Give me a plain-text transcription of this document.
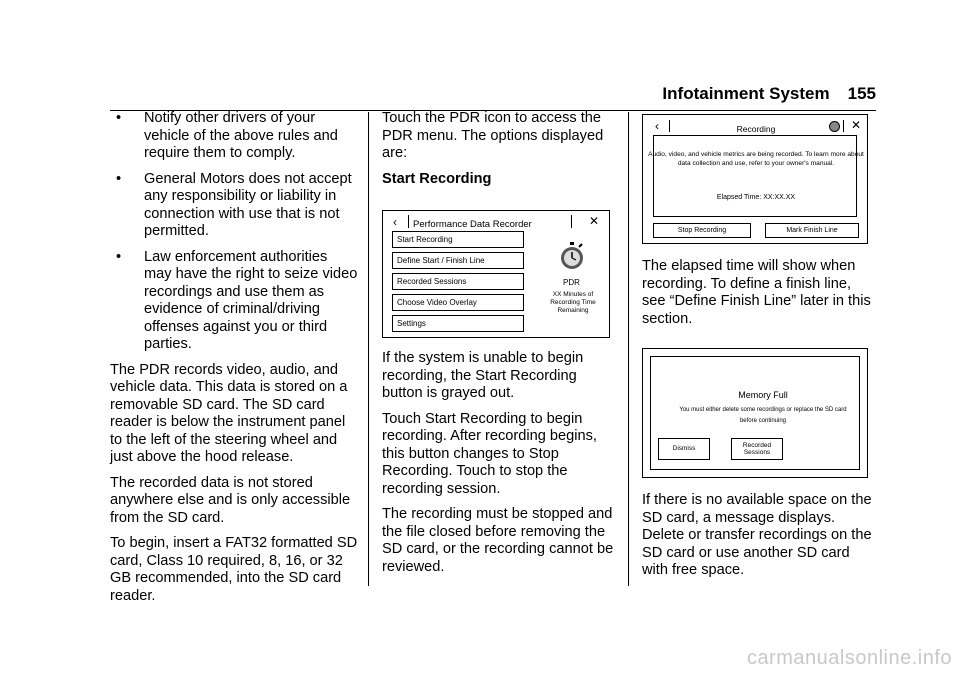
Infotainment System 155
•	Notify other drivers of your vehicle of the above rules and require them to comply.
•	General Motors does not accept any responsibility or liability in connection with use that is not permitted.
•	Law enforcement authorities may have the right to seize video recordings and use them as evidence of criminal/driving offenses against you or third parties.

The PDR records video, audio, and vehicle data. This data is stored on a removable SD card. The SD card reader is below the instrument panel to the left of the steering wheel and just above the hood release.

The recorded data is not stored anywhere else and is only accessible from the SD card.

To begin, insert a FAT32 formatted SD card, Class 10 required, 8, 16, or 32 GB recommended, into the SD card reader.

Touch the PDR icon to access the PDR menu. The options displayed are:

Start Recording
‹ Performance Data Recorder	✕
Start Recording
Define Start / Finish Line
Recorded Sessions
Choose Video Overlay
Settings
PDR
XX Minutes of Recording Time Remaining

If the system is unable to begin recording, the Start Recording button is grayed out.

Touch Start Recording to begin recording. After recording begins, this button changes to Stop Recording. Touch to stop the recording session.

The recording must be stopped and the file closed before removing the SD card, or the recording cannot be reviewed.

‹	Recording	✕
Audio, video, and vehicle metrics are being recorded. To learn more about data collection and use, refer to your owner's manual.
Elapsed Time: XX:XX.XX
Stop Recording	Mark Finish Line

The elapsed time will show when recording. To define a finish line, see “Define Finish Line” later in this section.

Memory Full
You must either delete some recordings or replace the SD card before continuing
Dismiss
Recorded Sessions

If there is no available space on the SD card, a message displays. Delete or transfer recordings on the SD card or use another SD card with free space.

carmanualsonline.info
